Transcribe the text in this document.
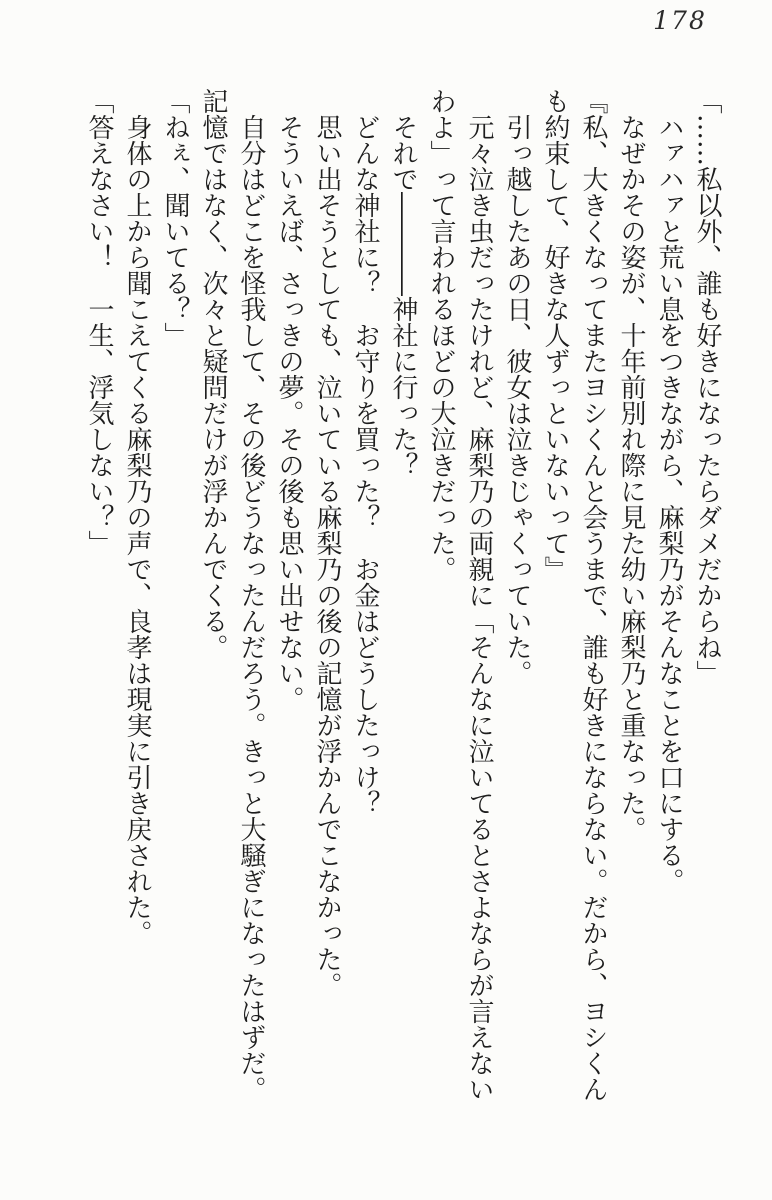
178

「……私以外、誰も好きになったらダメだからね」

ハァハァと荒い息をつきながら、麻梨乃がそんなことを口にする。

なぜかその姿が、十年前別れ際に見た幼い麻梨乃と重なった。

『私、大きくなってまたヨシくんと会うまで、誰も好きにならない。だから、ヨシくんも約束して、好きな人ずっといないって』

引っ越したあの日、彼女は泣きじゃくっていた。

元々泣き虫だったけれど、麻梨乃の両親に「そんなに泣いてるとさよならが言えないわよ」って言われるほどの大泣きだった。

それで――――神社に行った？

どんな神社に？　お守りを買った？　お金はどうしたっけ？

思い出そうとしても、泣いている麻梨乃の後の記憶が浮かんでこなかった。

そういえば、さっきの夢。その後も思い出せない。

自分はどこを怪我して、その後どうなったんだろう。きっと大騒ぎになったはずだ。

記憶ではなく、次々と疑問だけが浮かんでくる。

「ねぇ、聞いてる？」

身体の上から聞こえてくる麻梨乃の声で、良孝は現実に引き戻された。

「答えなさい！　一生、浮気しない？」
